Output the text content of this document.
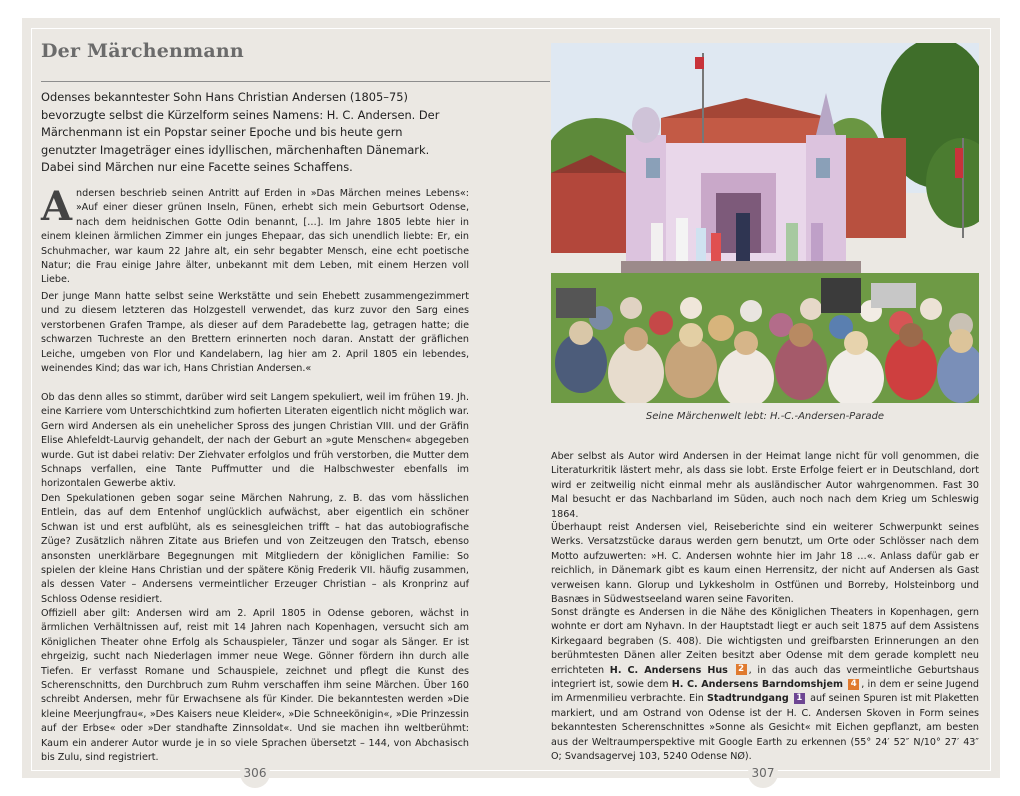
Der Märchenmann
Odenses bekanntester Sohn Hans Christian Andersen (1805–75) bevorzugte selbst die Kürzelform seines Namens: H. C. Andersen. Der Märchenmann ist ein Popstar seiner Epoche und bis heute gern genutzter Imageträger eines idyllischen, märchenhaften Dänemark. Dabei sind Märchen nur eine Facette seines Schaffens.

Andersen beschrieb seinen Antritt auf Erden in »Das Märchen meines Lebens«: »Auf einer dieser grünen Inseln, Fünen, erhebt sich mein Geburtsort Odense, nach dem heidnischen Gotte Odin benannt, […]. Im Jahre 1805 lebte hier in einem kleinen ärmlichen Zimmer ein junges Ehepaar, das sich unendlich liebte: Er, ein Schuhmacher, war kaum 22 Jahre alt, ein sehr begabter Mensch, eine echt poetische Natur; die Frau einige Jahre älter, unbekannt mit dem Leben, mit einem Herzen voll Liebe.

Der junge Mann hatte selbst seine Werkstätte und sein Ehebett zusammengezimmert und zu diesem letzteren das Holzgestell verwendet, das kurz zuvor den Sarg eines verstorbenen Grafen Trampe, als dieser auf dem Paradebette lag, getragen hatte; die schwarzen Tuchreste an den Brettern erinnerten noch daran. Anstatt der gräflichen Leiche, umgeben von Flor und Kandelabern, lag hier am 2. April 1805 ein lebendes, weinendes Kind; das war ich, Hans Christian Andersen.«

Ob das denn alles so stimmt, darüber wird seit Langem spekuliert, weil im frühen 19. Jh. eine Karriere vom Unterschichtkind zum hofierten Literaten eigentlich nicht möglich war. Gern wird Andersen als ein unehelicher Spross des jungen Christian VIII. und der Gräfin Elise Ahlefeldt-Laurvig gehandelt, der nach der Geburt an »gute Menschen« abgegeben wurde. Gut ist dabei relativ: Der Ziehvater erfolglos und früh verstorben, die Mutter dem Schnaps verfallen, eine Tante Puffmutter und die Halbschwester ebenfalls im horizontalen Gewerbe aktiv.

Den Spekulationen geben sogar seine Märchen Nahrung, z. B. das vom hässlichen Entlein, das auf dem Entenhof unglücklich aufwächst, aber eigentlich ein schöner Schwan ist und erst aufblüht, als es seinesgleichen trifft – hat das autobiografische Züge? Zusätzlich nähren Zitate aus Briefen und von Zeitzeugen den Tratsch, ebenso ansonsten unerklärbare Begegnungen mit Mitgliedern der königlichen Familie: So spielen der kleine Hans Christian und der spätere König Frederik VII. häufig zusammen, als dessen Vater – Andersens vermeintlicher Erzeuger Christian – als Kronprinz auf Schloss Odense residiert.

Offiziell aber gilt: Andersen wird am 2. April 1805 in Odense geboren, wächst in ärmlichen Verhältnissen auf, reist mit 14 Jahren nach Kopenhagen, versucht sich am Königlichen Theater ohne Erfolg als Schauspieler, Tänzer und sogar als Sänger. Er ist ehrgeizig, sucht nach Niederlagen immer neue Wege. Gönner fördern ihn durch alle Tiefen. Er verfasst Romane und Schauspiele, zeichnet und pflegt die Kunst des Scherenschnitts, den Durchbruch zum Ruhm verschaffen ihm seine Märchen. Über 160 schreibt Andersen, mehr für Erwachsene als für Kinder. Die bekanntesten werden »Die kleine Meerjungfrau«, »Des Kaisers neue Kleider«, »Die Schneekönigin«, »Die Prinzessin auf der Erbse« oder »Der standhafte Zinnsoldat«. Und sie machen ihn weltberühmt: Kaum ein anderer Autor wurde je in so viele Sprachen übersetzt – 144, von Abchasisch bis Zulu, sind registriert.

306
Seine Märchenwelt lebt: H.-C.-Andersen-Parade

Aber selbst als Autor wird Andersen in der Heimat lange nicht für voll genommen, die Literaturkritik lästert mehr, als dass sie lobt. Erste Erfolge feiert er in Deutschland, dort wird er zeitweilig nicht einmal mehr als ausländischer Autor wahrgenommen. Fast 30 Mal besucht er das Nachbarland im Süden, auch noch nach dem Krieg um Schleswig 1864.

Überhaupt reist Andersen viel, Reiseberichte sind ein weiterer Schwerpunkt seines Werks. Versatzstücke daraus werden gern benutzt, um Orte oder Schlösser nach dem Motto aufzuwerten: »H. C. Andersen wohnte hier im Jahr 18 …«. Anlass dafür gab er reichlich, in Dänemark gibt es kaum einen Herrensitz, der nicht auf Andersen als Gast verweisen kann. Glorup und Lykkesholm in Ostfünen und Borreby, Holsteinborg und Basnæs in Südwestseeland waren seine Favoriten.

Sonst drängte es Andersen in die Nähe des Königlichen Theaters in Kopenhagen, gern wohnte er dort am Nyhavn. In der Hauptstadt liegt er auch seit 1875 auf dem Assistens Kirkegaard begraben (S. 408). Die wichtigsten und greifbarsten Erinnerungen an den berühmtesten Dänen aller Zeiten besitzt aber Odense mit dem gerade komplett neu errichteten H. C. Andersens Hus 2 , in das auch das vermeintliche Geburtshaus integriert ist, sowie dem H. C. Andersens Barndomshjem 4 , in dem er seine Jugend im Armenmilieu verbrachte. Ein Stadtrundgang 1 auf seinen Spuren ist mit Plaketten markiert, und am Ostrand von Odense ist der H. C. Andersen Skoven in Form seines bekanntesten Scherenschnittes »Sonne als Gesicht« mit Eichen gepflanzt, am besten aus der Weltraumperspektive mit Google Earth zu erkennen (55° 24′ 52″ N/10° 27′ 43″ O; Svandsagervej 103, 5240 Odense NØ).

307
